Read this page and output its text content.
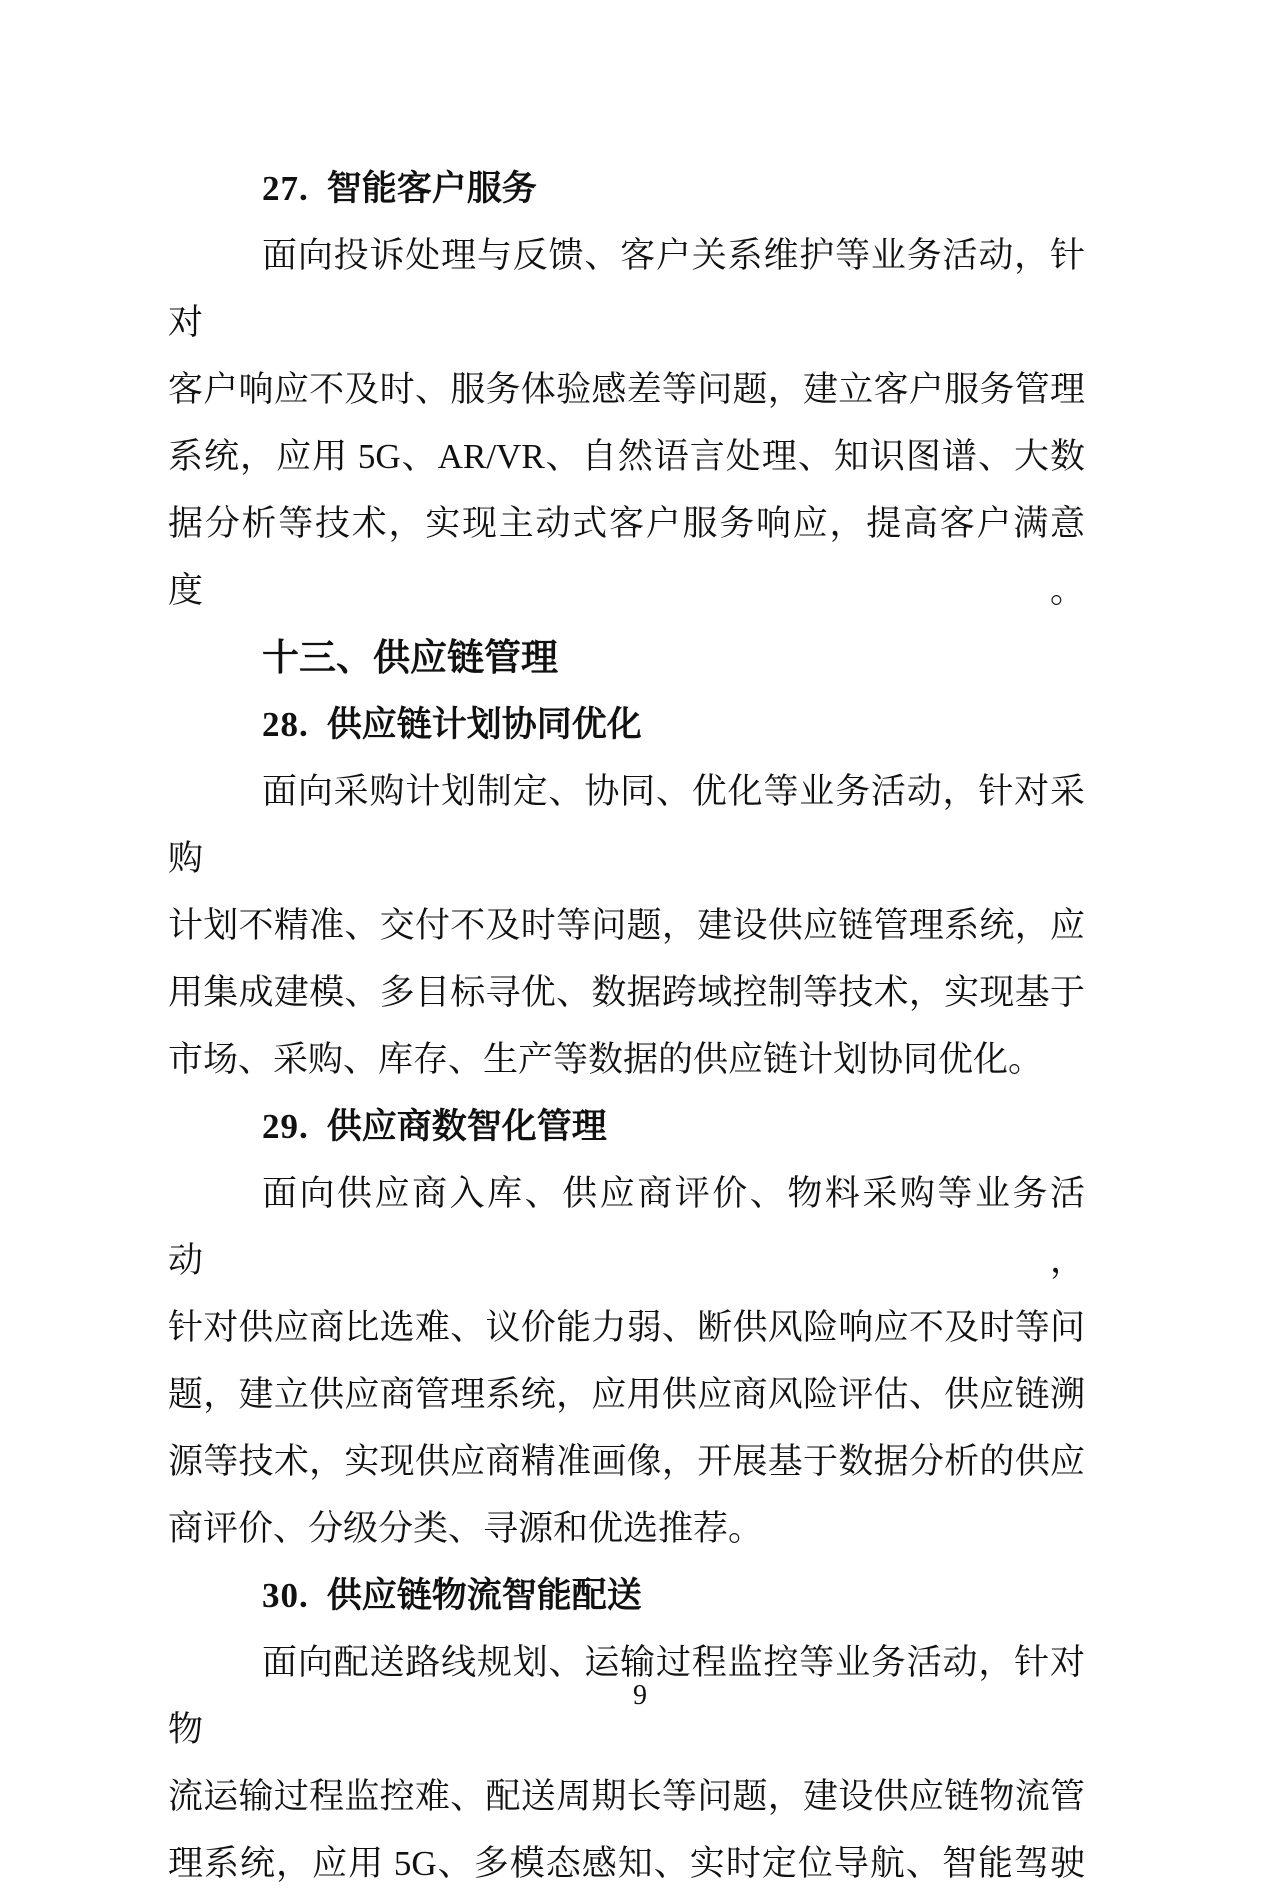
27. 智能客户服务
面向投诉处理与反馈、客户关系维护等业务活动，针对
客户响应不及时、服务体验感差等问题，建立客户服务管理
系统，应用 5G、AR/VR、自然语言处理、知识图谱、大数
据分析等技术，实现主动式客户服务响应，提高客户满意度。
十三、供应链管理
28. 供应链计划协同优化
面向采购计划制定、协同、优化等业务活动，针对采购
计划不精准、交付不及时等问题，建设供应链管理系统，应
用集成建模、多目标寻优、数据跨域控制等技术，实现基于
市场、采购、库存、生产等数据的供应链计划协同优化。
29. 供应商数智化管理
面向供应商入库、供应商评价、物料采购等业务活动，
针对供应商比选难、议价能力弱、断供风险响应不及时等问
题，建立供应商管理系统，应用供应商风险评估、供应链溯
源等技术，实现供应商精准画像，开展基于数据分析的供应
商评价、分级分类、寻源和优选推荐。
30. 供应链物流智能配送
面向配送路线规划、运输过程监控等业务活动，针对物
流运输过程监控难、配送周期长等问题，建设供应链物流管
理系统，应用 5G、多模态感知、实时定位导航、智能驾驶
9
